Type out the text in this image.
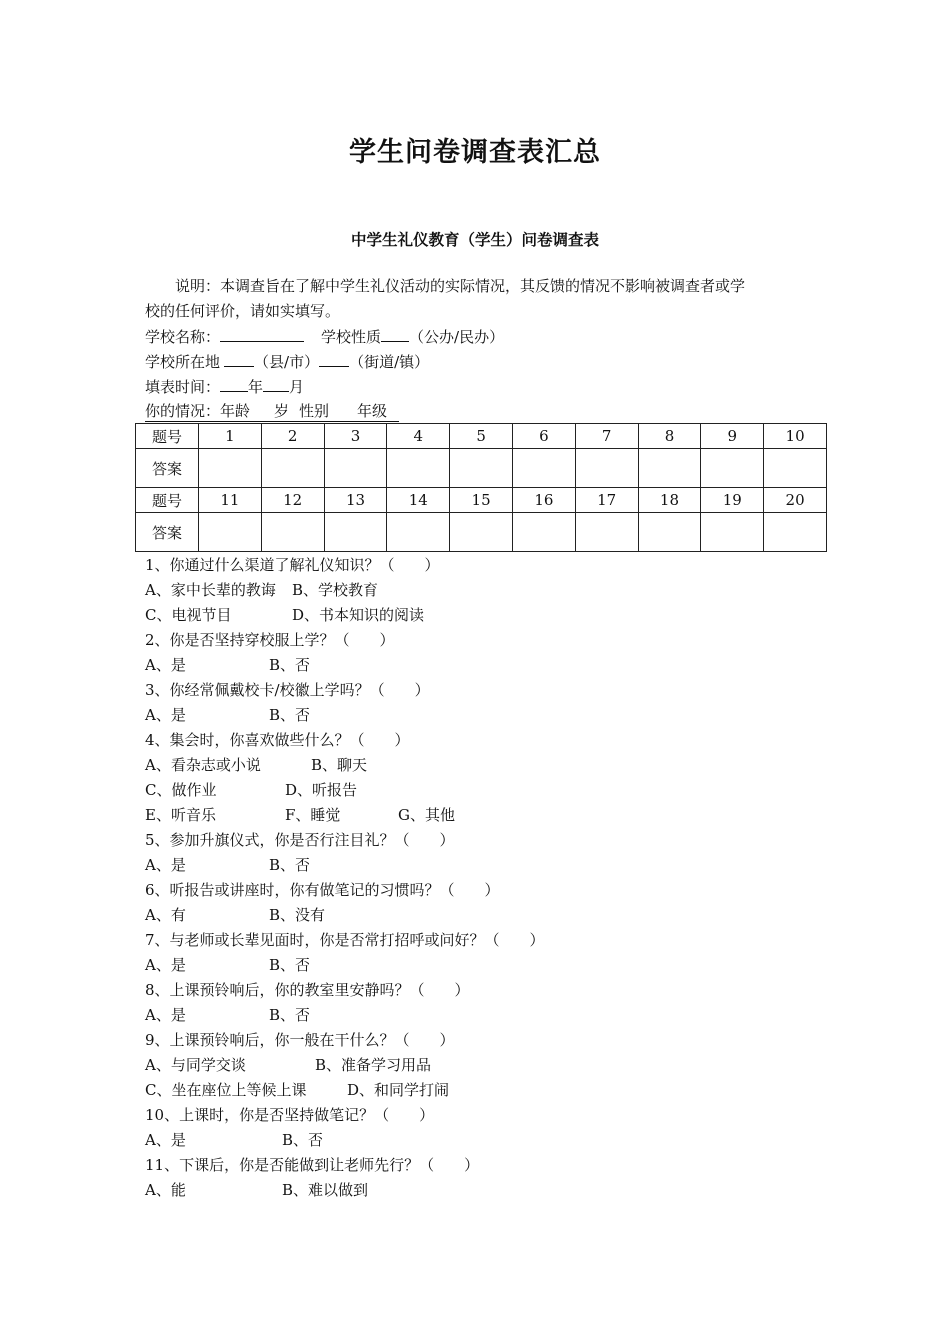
学生问卷调查表汇总
中学生礼仪教育（学生）问卷调查表
说明：本调查旨在了解中学生礼仪活动的实际情况，其反馈的情况不影响被调查者或学
校的任何评价，请如实填写。
学校名称：	学校性质 （公办/民办）
学校所在地 （县/市） （街道/镇）
填表时间： 年 月
你的情况：年龄 岁 性别 年级
题号	1	2	3	4	5	6	7	8	9	10
答案										
题号	11	12	13	14	15	16	17	18	19	20
答案										
1、你通过什么渠道了解礼仪知识？（　　）
A、家中长辈的教诲 B、学校教育
C、电视节目	D、书本知识的阅读
2、你是否坚持穿校服上学？（　　）
A、是	B、否
3、你经常佩戴校卡/校徽上学吗？（　　）
A、是	B、否
4、集会时，你喜欢做些什么？（　　）
A、看杂志或小说	B、聊天
C、做作业	D、听报告
E、听音乐	F、睡觉	G、其他
5、参加升旗仪式，你是否行注目礼？（　　）
A、是	B、否
6、听报告或讲座时，你有做笔记的习惯吗？（　　）
A、有	B、没有
7、与老师或长辈见面时，你是否常打招呼或问好？（　　）
A、是	B、否
8、上课预铃响后，你的教室里安静吗？（　　）
A、是	B、否
9、上课预铃响后，你一般在干什么？（　　）
A、与同学交谈	B、准备学习用品
C、坐在座位上等候上课	D、和同学打闹
10、上课时，你是否坚持做笔记？（　　）
A、是	B、否
11、下课后，你是否能做到让老师先行？（　　）
A、能	B、难以做到
